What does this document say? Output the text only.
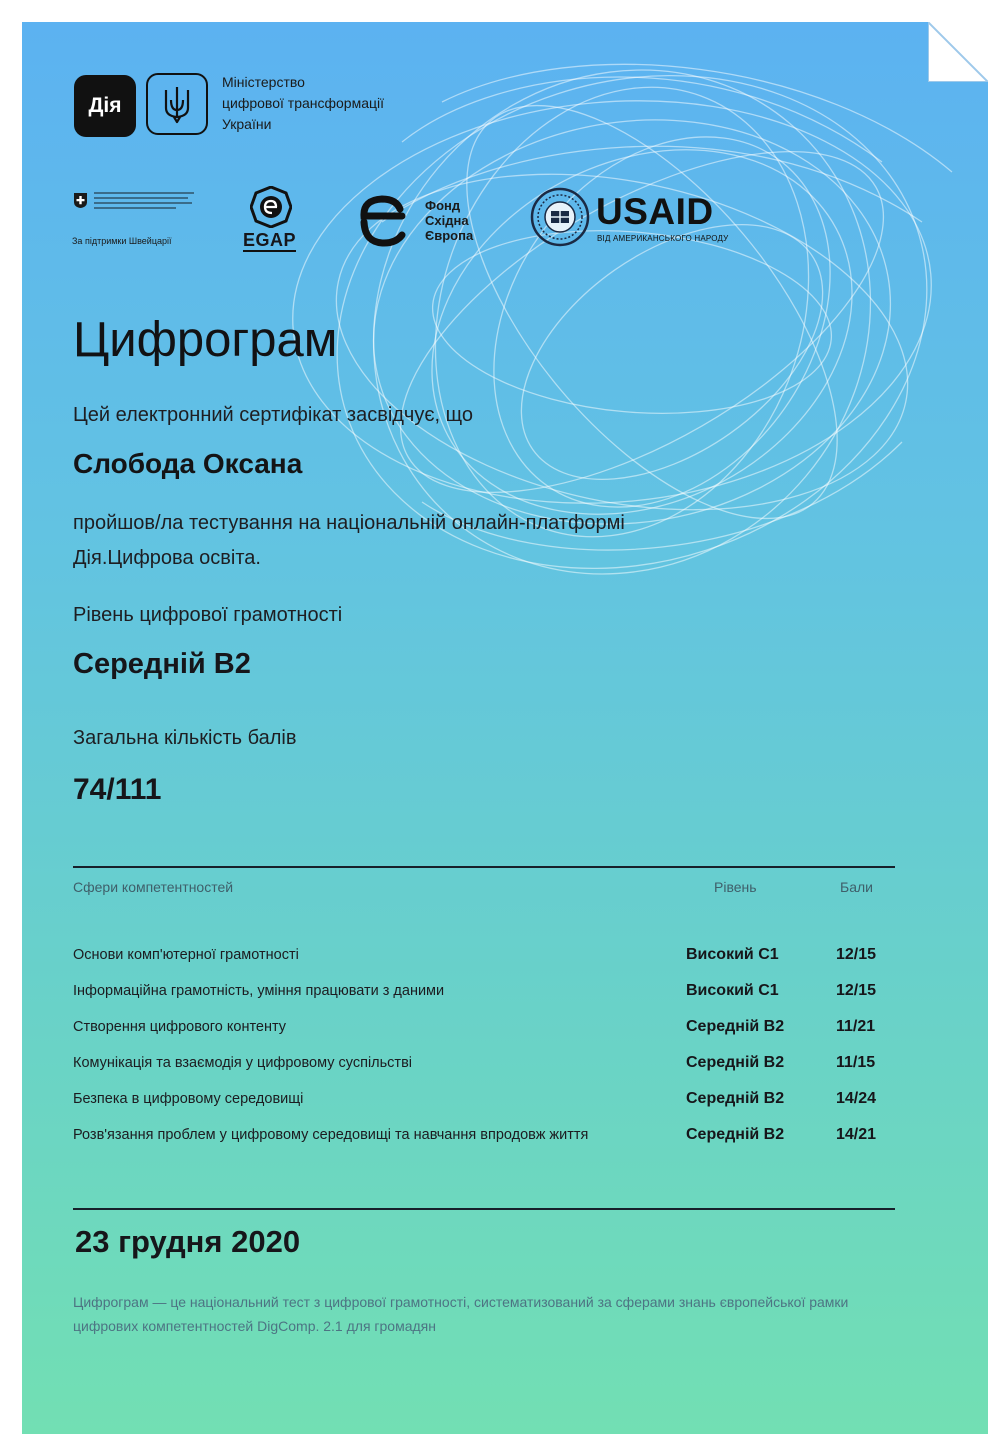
Дія
Міністерство
цифрової трансформації
України
За підтримки Швейцарії	EGAP
Фонд
Східна
Європа
USAID
ВІД АМЕРИКАНСЬКОГО НАРОДУ
Цифрограм
Цей електронний сертифікат засвідчує, що
Слобода Оксана
пройшов/ла тестування на національній онлайн-платформі
Дія.Цифрова освіта.
Рівень цифрової грамотності
Середній B2
Загальна кількість балів
74/111
Сфери компетентностей	Рівень	Бали
Основи комп'ютерної грамотності	Високий C1	12/15
Інформаційна грамотність, уміння працювати з даними	Високий C1	12/15
Створення цифрового контенту	Середній B2	11/21
Комунікація та взаємодія у цифровому суспільстві	Середній B2	11/15
Безпека в цифровому середовищі	Середній B2	14/24
Розв'язання проблем у цифровому середовищі та навчання впродовж життя	Середній B2	14/21
23 грудня 2020
Цифрограм — це національний тест з цифрової грамотності, систематизований за сферами знань європейської рамки цифрових компетентностей DigComp. 2.1 для громадян
